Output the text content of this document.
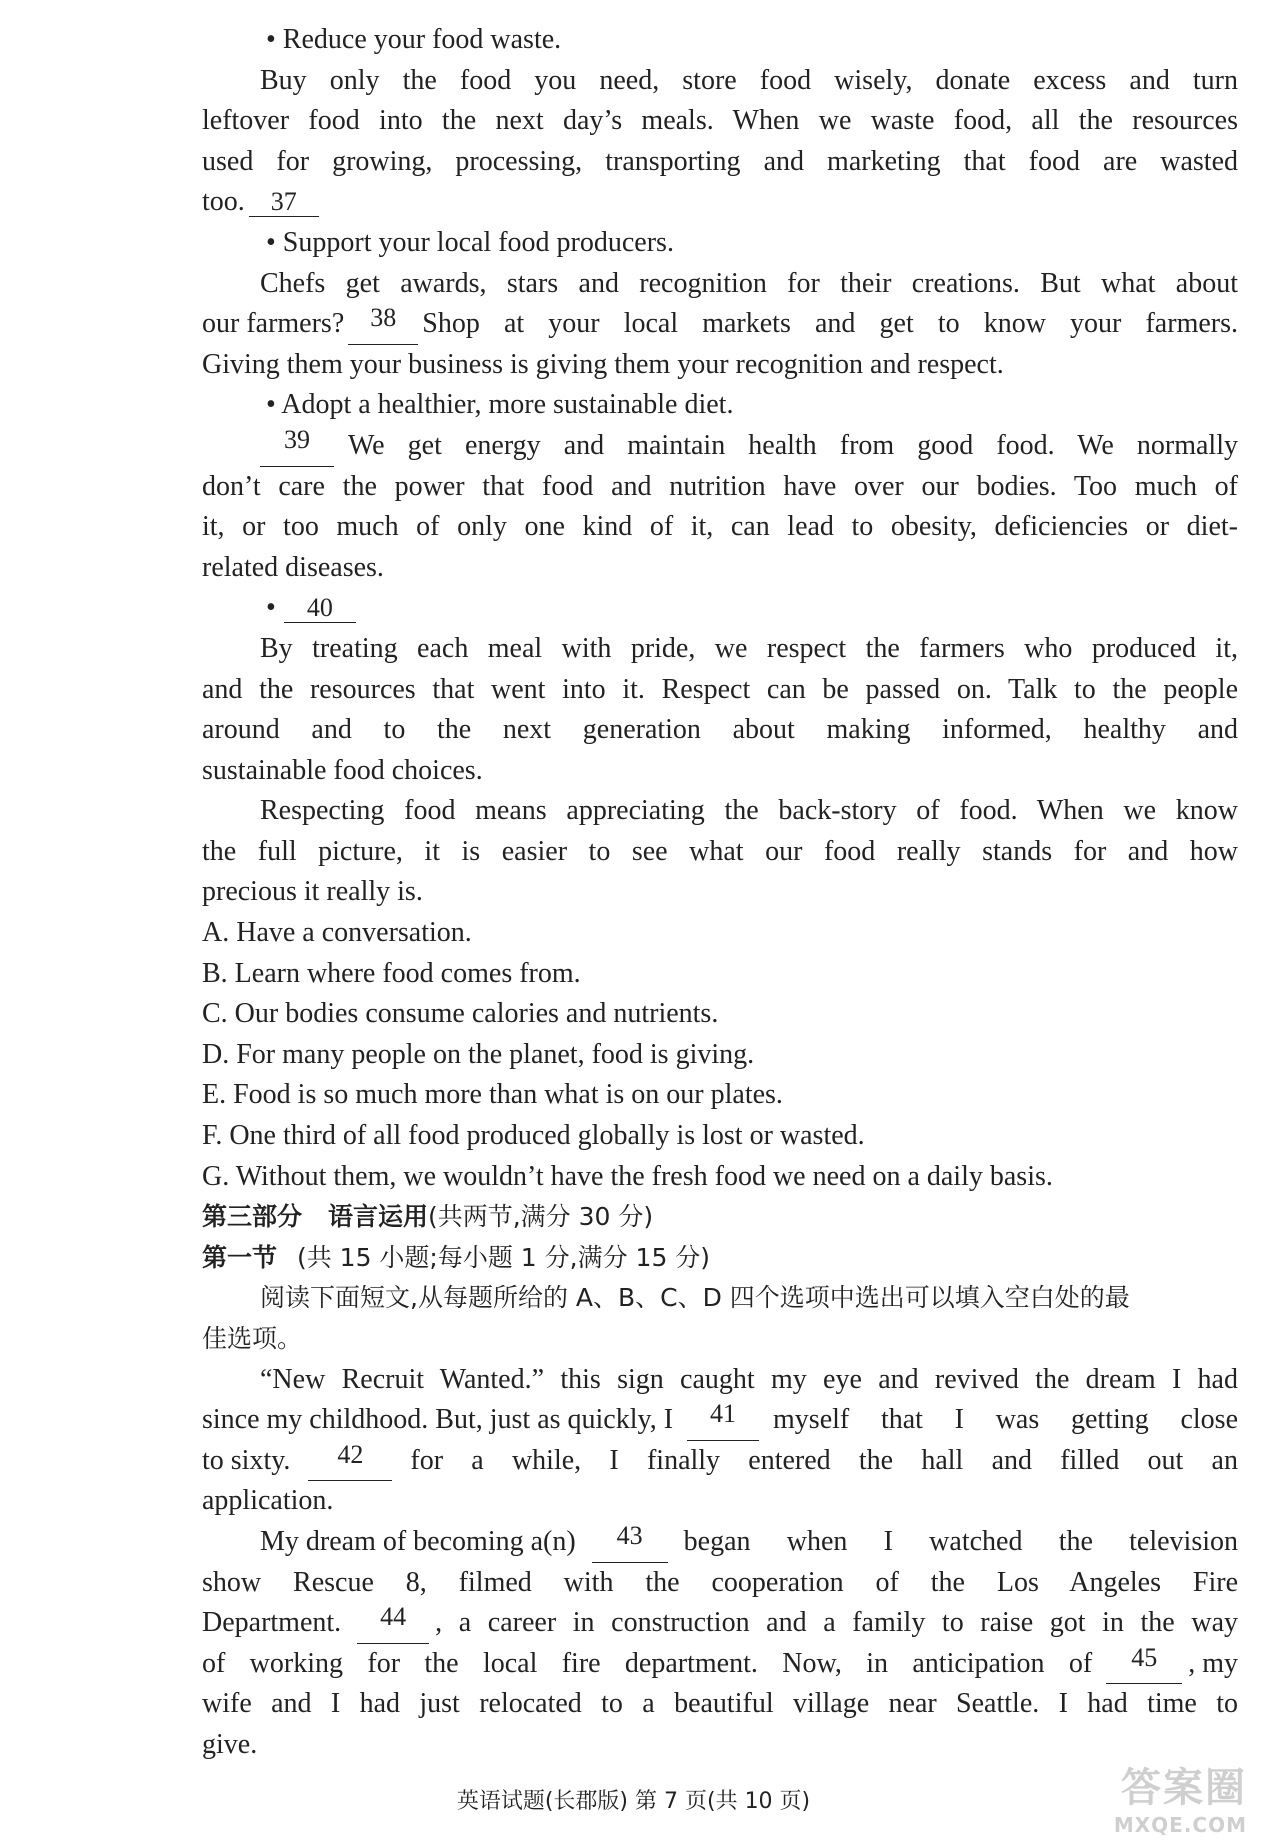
• Reduce your food waste.
Buy only the food you need, store food wisely, donate excess and turn
leftover food into the next day’s meals. When we waste food, all the resources
used for growing, processing, transporting and marketing that food are wasted
too. 37
• Support your local food producers.
Chefs get awards, stars and recognition for their creations. But what about
our farmers?	38 Shop at your local markets and get to know your farmers.
Giving them your business is giving them your recognition and respect.
• Adopt a healthier, more sustainable diet.
39	We get energy and maintain health from good food. We normally
don’t care the power that food and nutrition have over our bodies. Too much of
it, or too much of only one kind of it, can lead to obesity, deficiencies or diet-
related diseases.
• 40
By treating each meal with pride, we respect the farmers who produced it,
and the resources that went into it. Respect can be passed on. Talk to the people
around and to the next generation about making informed, healthy and
sustainable food choices.
Respecting food means appreciating the back-story of food. When we know
the full picture, it is easier to see what our food really stands for and how
precious it really is.
A. Have a conversation.
B. Learn where food comes from.
C. Our bodies consume calories and nutrients.
D. For many people on the planet, food is giving.
E. Food is so much more than what is on our plates.
F. One third of all food produced globally is lost or wasted.
G. Without them, we wouldn’t have the fresh food we need on a daily basis.
第三部分 语言运用(共两节,满分 30 分)
第一节 (共 15 小题;每小题 1 分,满分 15 分)
阅读下面短文,从每题所给的 A、B、C、D 四个选项中选出可以填入空白处的最
佳选项。
“New Recruit Wanted.” this sign caught my eye and revived the dream I had
since my childhood. But, just as quickly, I	41	myself that I was getting close
to sixty.	42	for a while, I finally entered the hall and filled out an
application.
My dream of becoming a(n)	43	began when I watched the television
show Rescue 8, filmed with the cooperation of the Los Angeles Fire
Department.	44	, a career in construction and a family to raise got in the way
of working for the local fire department. Now, in anticipation of	45	, my
wife and I had just relocated to a beautiful village near Seattle. I had time to
give.
英语试题(长郡版) 第 7 页(共 10 页)	答案圈
MXQE.COM
